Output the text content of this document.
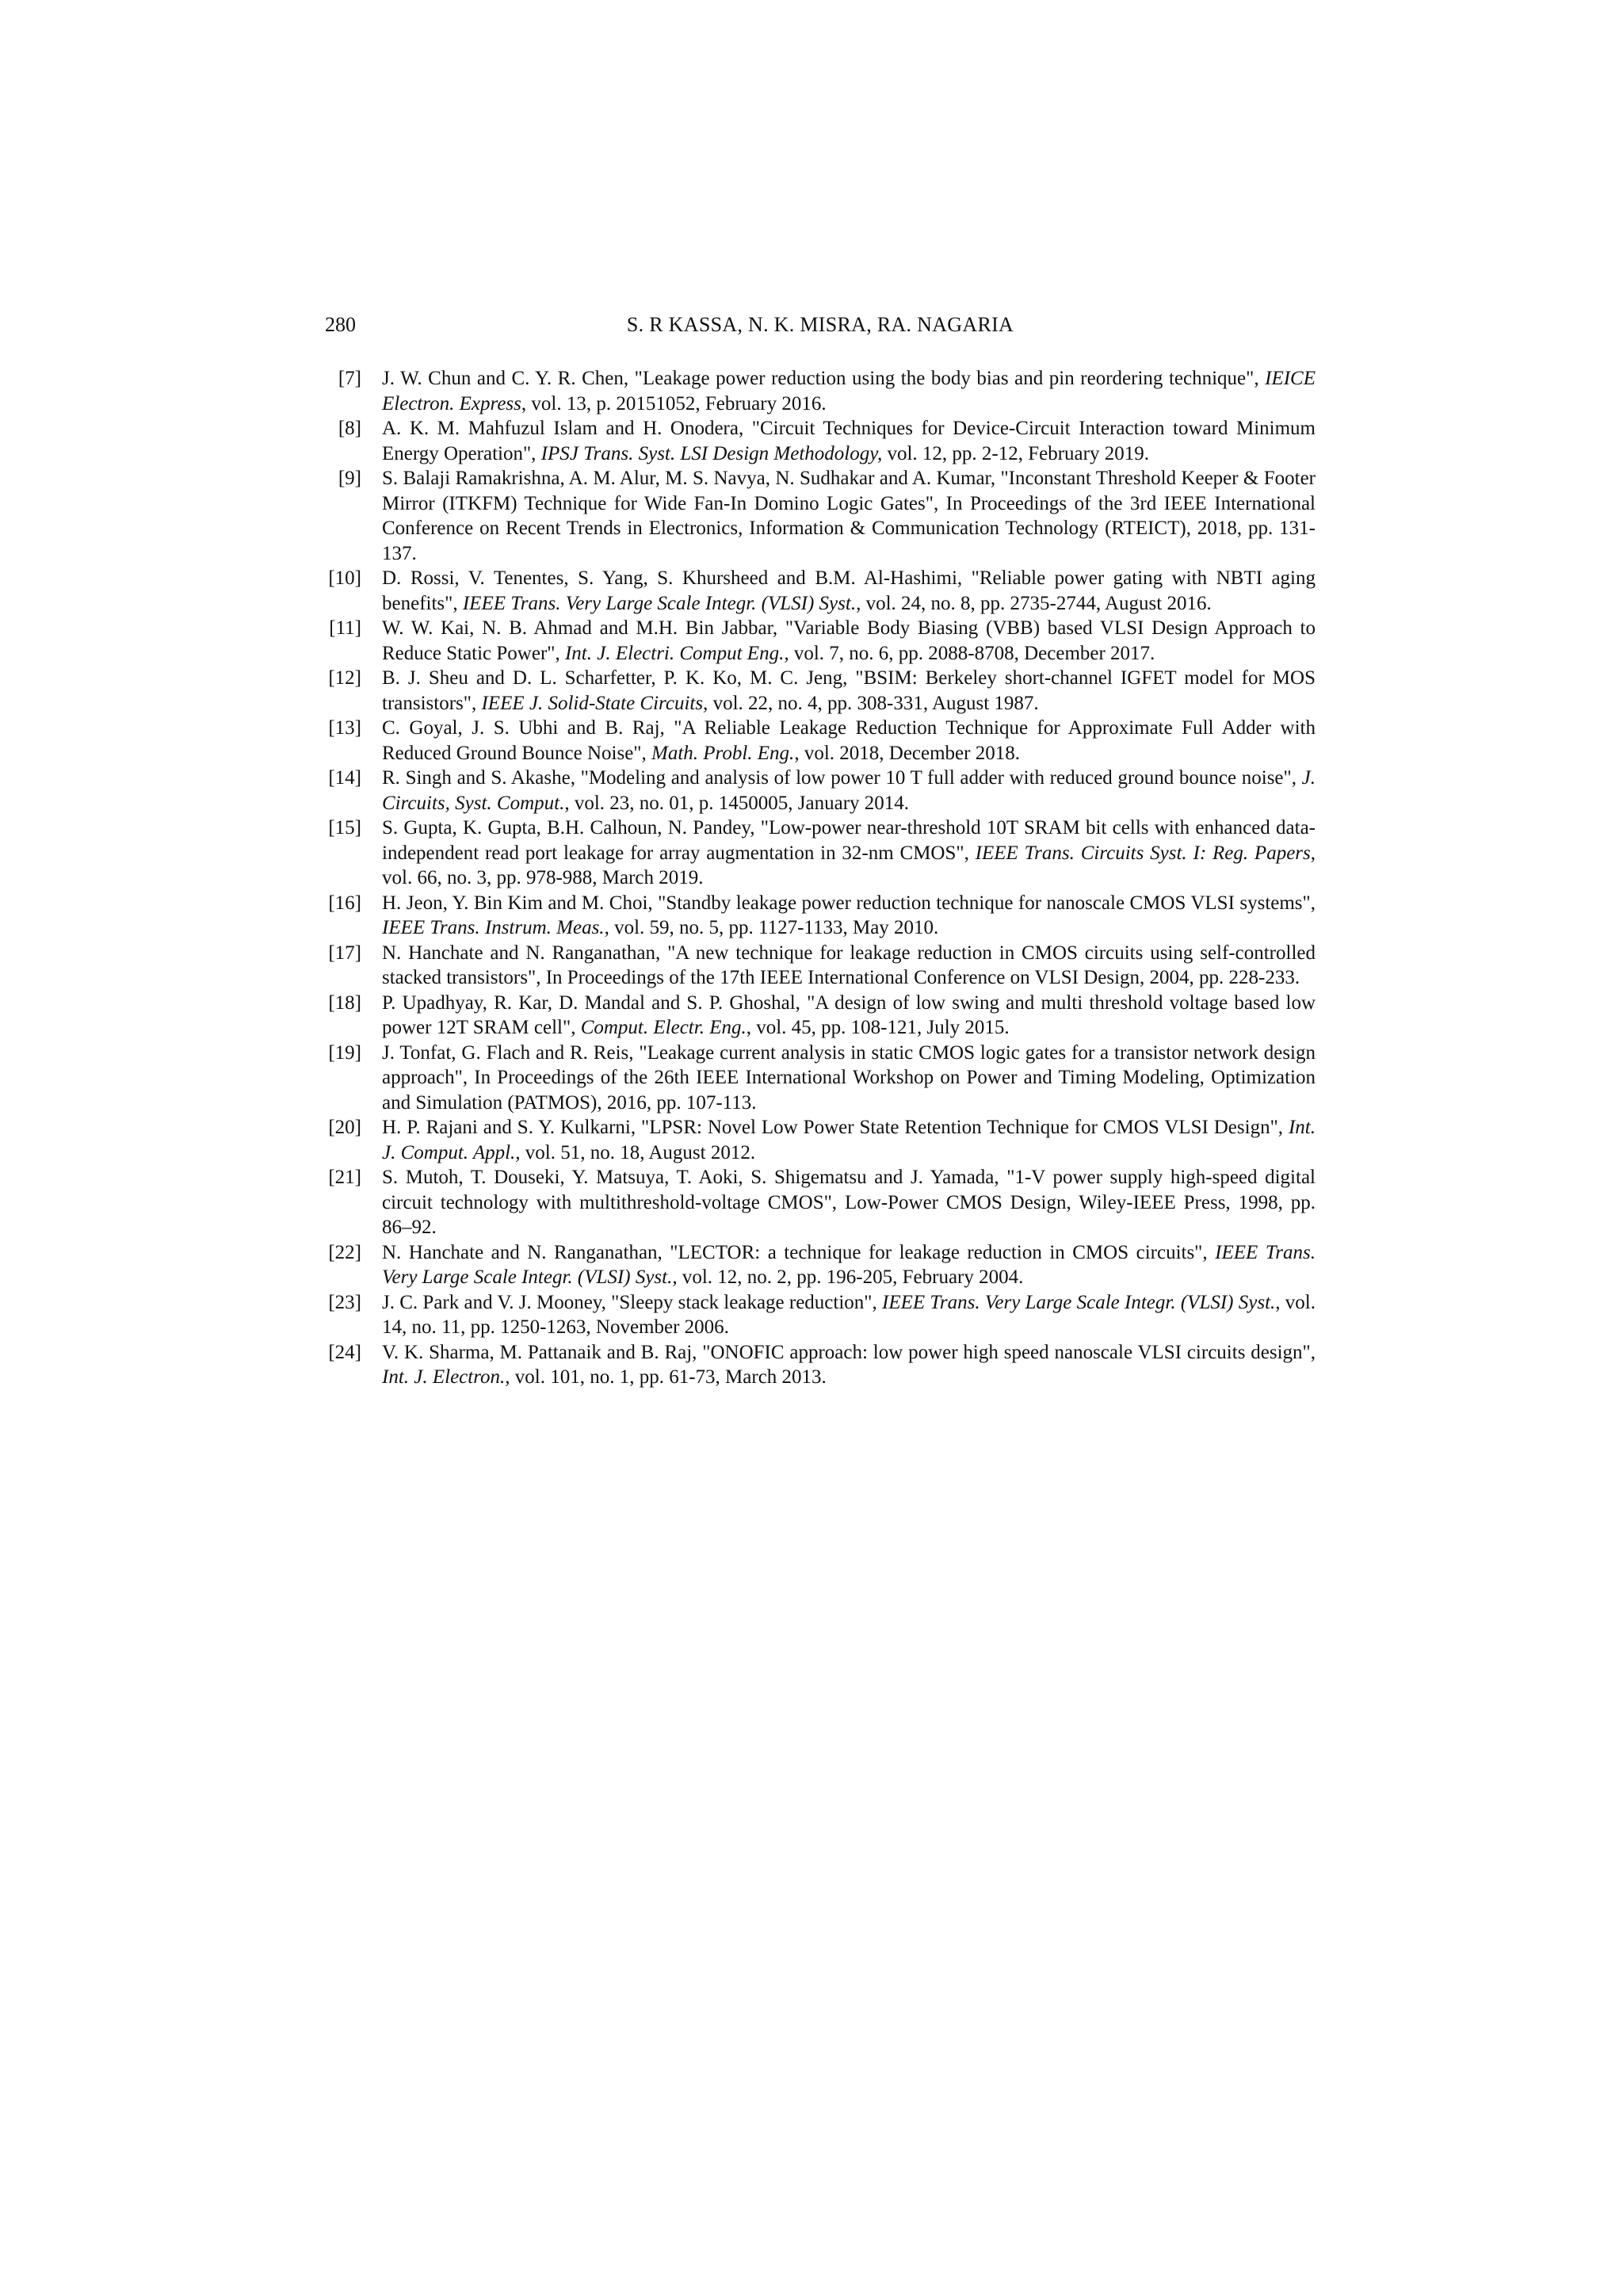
280	S. R KASSA, N. K. MISRA, RA. NAGARIA
[7]	J. W. Chun and C. Y. R. Chen, "Leakage power reduction using the body bias and pin reordering technique", IEICE Electron. Express, vol. 13, p. 20151052, February 2016.
[8]	A. K. M. Mahfuzul Islam and H. Onodera, "Circuit Techniques for Device-Circuit Interaction toward Minimum Energy Operation", IPSJ Trans. Syst. LSI Design Methodology, vol. 12, pp. 2-12, February 2019.
[9]	S. Balaji Ramakrishna, A. M. Alur, M. S. Navya, N. Sudhakar and A. Kumar, "Inconstant Threshold Keeper & Footer Mirror (ITKFM) Technique for Wide Fan-In Domino Logic Gates", In Proceedings of the 3rd IEEE International Conference on Recent Trends in Electronics, Information & Communication Technology (RTEICT), 2018, pp. 131-137.
[10]	D. Rossi, V. Tenentes, S. Yang, S. Khursheed and B.M. Al-Hashimi, "Reliable power gating with NBTI aging benefits", IEEE Trans. Very Large Scale Integr. (VLSI) Syst., vol. 24, no. 8, pp. 2735-2744, August 2016.
[11]	W. W. Kai, N. B. Ahmad and M.H. Bin Jabbar, "Variable Body Biasing (VBB) based VLSI Design Approach to Reduce Static Power", Int. J. Electri. Comput Eng., vol. 7, no. 6, pp. 2088-8708, December 2017.
[12]	B. J. Sheu and D. L. Scharfetter, P. K. Ko, M. C. Jeng, "BSIM: Berkeley short-channel IGFET model for MOS transistors", IEEE J. Solid-State Circuits, vol. 22, no. 4, pp. 308-331, August 1987.
[13]	C. Goyal, J. S. Ubhi and B. Raj, "A Reliable Leakage Reduction Technique for Approximate Full Adder with Reduced Ground Bounce Noise", Math. Probl. Eng., vol. 2018, December 2018.
[14]	R. Singh and S. Akashe, "Modeling and analysis of low power 10 T full adder with reduced ground bounce noise", J. Circuits, Syst. Comput., vol. 23, no. 01, p. 1450005, January 2014.
[15]	S. Gupta, K. Gupta, B.H. Calhoun, N. Pandey, "Low-power near-threshold 10T SRAM bit cells with enhanced data-independent read port leakage for array augmentation in 32-nm CMOS", IEEE Trans. Circuits Syst. I: Reg. Papers, vol. 66, no. 3, pp. 978-988, March 2019.
[16]	H. Jeon, Y. Bin Kim and M. Choi, "Standby leakage power reduction technique for nanoscale CMOS VLSI systems", IEEE Trans. Instrum. Meas., vol. 59, no. 5, pp. 1127-1133, May 2010.
[17]	N. Hanchate and N. Ranganathan, "A new technique for leakage reduction in CMOS circuits using self-controlled stacked transistors", In Proceedings of the 17th IEEE International Conference on VLSI Design, 2004, pp. 228-233.
[18]	P. Upadhyay, R. Kar, D. Mandal and S. P. Ghoshal, "A design of low swing and multi threshold voltage based low power 12T SRAM cell", Comput. Electr. Eng., vol. 45, pp. 108-121, July 2015.
[19]	J. Tonfat, G. Flach and R. Reis, "Leakage current analysis in static CMOS logic gates for a transistor network design approach", In Proceedings of the 26th IEEE International Workshop on Power and Timing Modeling, Optimization and Simulation (PATMOS), 2016, pp. 107-113.
[20]	H. P. Rajani and S. Y. Kulkarni, "LPSR: Novel Low Power State Retention Technique for CMOS VLSI Design", Int. J. Comput. Appl., vol. 51, no. 18, August 2012.
[21]	S. Mutoh, T. Douseki, Y. Matsuya, T. Aoki, S. Shigematsu and J. Yamada, "1-V power supply high-speed digital circuit technology with multithreshold-voltage CMOS", Low-Power CMOS Design, Wiley-IEEE Press, 1998, pp. 86–92.
[22]	N. Hanchate and N. Ranganathan, "LECTOR: a technique for leakage reduction in CMOS circuits", IEEE Trans. Very Large Scale Integr. (VLSI) Syst., vol. 12, no. 2, pp. 196-205, February 2004.
[23]	J. C. Park and V. J. Mooney, "Sleepy stack leakage reduction", IEEE Trans. Very Large Scale Integr. (VLSI) Syst., vol. 14, no. 11, pp. 1250-1263, November 2006.
[24]	V. K. Sharma, M. Pattanaik and B. Raj, "ONOFIC approach: low power high speed nanoscale VLSI circuits design", Int. J. Electron., vol. 101, no. 1, pp. 61-73, March 2013.
